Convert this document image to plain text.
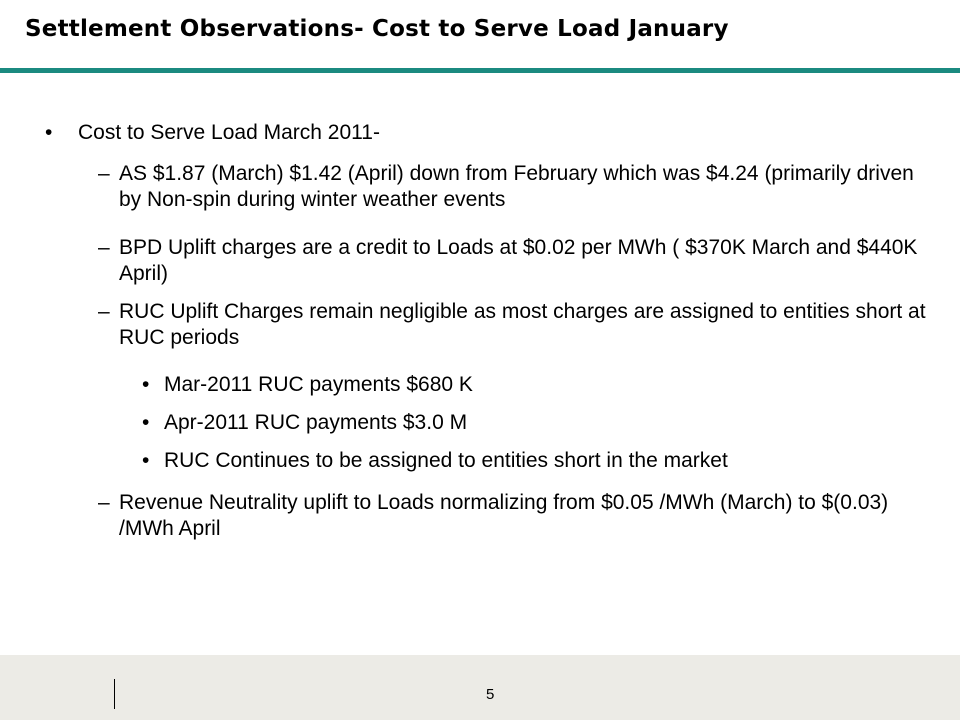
Settlement Observations- Cost to Serve Load January
• Cost to Serve Load March 2011-
– AS $1.87 (March) $1.42 (April) down from February which was $4.24 (primarily driven by Non-spin during winter weather events
– BPD Uplift charges are a credit to Loads at $0.02 per MWh ( $370K March and $440K April)
– RUC Uplift Charges remain negligible as most charges are assigned to entities short at RUC periods
• Mar-2011 RUC payments $680 K
• Apr-2011 RUC payments $3.0 M
• RUC Continues to be assigned to entities short in the market
– Revenue Neutrality uplift to Loads normalizing from $0.05 /MWh (March) to $(0.03) /MWh April
5
